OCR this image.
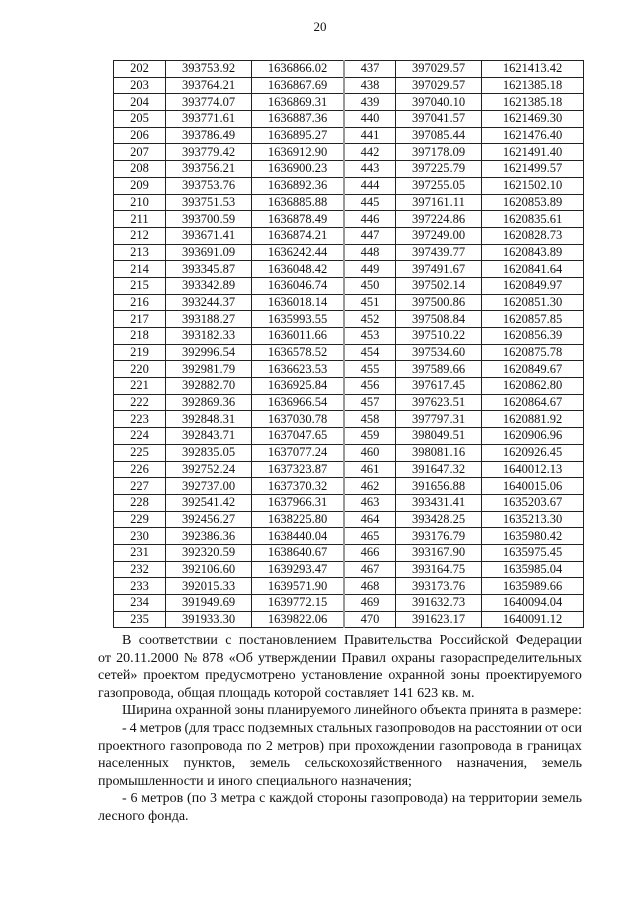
20
202	393753.92	1636866.02	437	397029.57	1621413.42
203	393764.21	1636867.69	438	397029.57	1621385.18
204	393774.07	1636869.31	439	397040.10	1621385.18
205	393771.61	1636887.36	440	397041.57	1621469.30
206	393786.49	1636895.27	441	397085.44	1621476.40
207	393779.42	1636912.90	442	397178.09	1621491.40
208	393756.21	1636900.23	443	397225.79	1621499.57
209	393753.76	1636892.36	444	397255.05	1621502.10
210	393751.53	1636885.88	445	397161.11	1620853.89
211	393700.59	1636878.49	446	397224.86	1620835.61
212	393671.41	1636874.21	447	397249.00	1620828.73
213	393691.09	1636242.44	448	397439.77	1620843.89
214	393345.87	1636048.42	449	397491.67	1620841.64
215	393342.89	1636046.74	450	397502.14	1620849.97
216	393244.37	1636018.14	451	397500.86	1620851.30
217	393188.27	1635993.55	452	397508.84	1620857.85
218	393182.33	1636011.66	453	397510.22	1620856.39
219	392996.54	1636578.52	454	397534.60	1620875.78
220	392981.79	1636623.53	455	397589.66	1620849.67
221	392882.70	1636925.84	456	397617.45	1620862.80
222	392869.36	1636966.54	457	397623.51	1620864.67
223	392848.31	1637030.78	458	397797.31	1620881.92
224	392843.71	1637047.65	459	398049.51	1620906.96
225	392835.05	1637077.24	460	398081.16	1620926.45
226	392752.24	1637323.87	461	391647.32	1640012.13
227	392737.00	1637370.32	462	391656.88	1640015.06
228	392541.42	1637966.31	463	393431.41	1635203.67
229	392456.27	1638225.80	464	393428.25	1635213.30
230	392386.36	1638440.04	465	393176.79	1635980.42
231	392320.59	1638640.67	466	393167.90	1635975.45
232	392106.60	1639293.47	467	393164.75	1635985.04
233	392015.33	1639571.90	468	393173.76	1635989.66
234	391949.69	1639772.15	469	391632.73	1640094.04
235	391933.30	1639822.06	470	391623.17	1640091.12
В соответствии с постановлением Правительства Российской Федерации
от 20.11.2000 № 878 «Об утверждении Правил охраны газораспределительных
сетей» проектом предусмотрено установление охранной зоны проектируемого
газопровода, общая площадь которой составляет 141 623 кв. м.
Ширина охранной зоны планируемого линейного объекта принята в размере:
- 4 метров (для трасс подземных стальных газопроводов на расстоянии от оси
проектного газопровода по 2 метров) при прохождении газопровода в границах
населенных пунктов, земель сельскохозяйственного назначения, земель
промышленности и иного специального назначения;
- 6 метров (по 3 метра с каждой стороны газопровода) на территории земель
лесного фонда.
